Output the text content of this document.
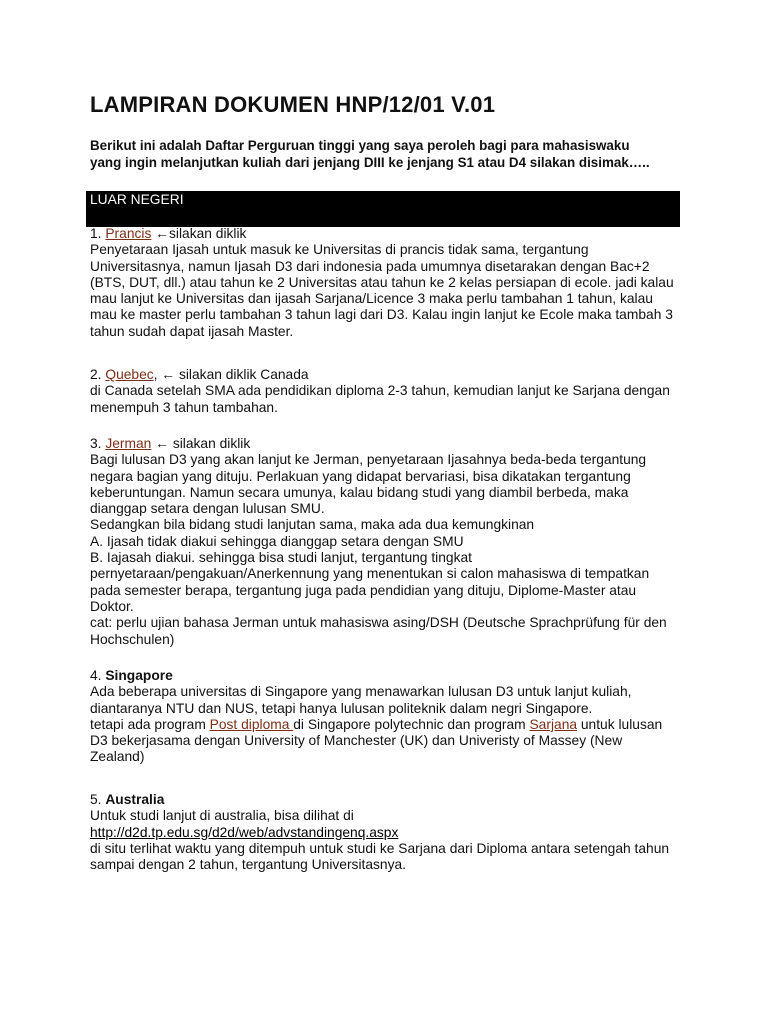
LAMPIRAN DOKUMEN HNP/12/01 V.01
Berikut ini adalah Daftar Perguruan tinggi yang saya peroleh bagi para mahasiswaku
yang ingin melanjutkan kuliah dari jenjang DIII ke jenjang S1 atau D4 silakan disimak…..
LUAR NEGERI
1. Prancis ←silakan diklik
Penyetaraan Ijasah untuk masuk ke Universitas di prancis tidak sama, tergantung
Universitasnya, namun Ijasah D3 dari indonesia pada umumnya disetarakan dengan Bac+2
(BTS, DUT, dll.) atau tahun ke 2 Universitas atau tahun ke 2 kelas persiapan di ecole. jadi kalau
mau lanjut ke Universitas dan ijasah Sarjana/Licence 3 maka perlu tambahan 1 tahun, kalau
mau ke master perlu tambahan 3 tahun lagi dari D3. Kalau ingin lanjut ke Ecole maka tambah 3
tahun sudah dapat ijasah Master.
2. Quebec, ← silakan diklik Canada
di Canada setelah SMA ada pendidikan diploma 2-3 tahun, kemudian lanjut ke Sarjana dengan
menempuh 3 tahun tambahan.
3. Jerman ← silakan diklik
Bagi lulusan D3 yang akan lanjut ke Jerman, penyetaraan Ijasahnya beda-beda tergantung
negara bagian yang dituju. Perlakuan yang didapat bervariasi, bisa dikatakan tergantung
keberuntungan. Namun secara umunya, kalau bidang studi yang diambil berbeda, maka
dianggap setara dengan lulusan SMU.
Sedangkan bila bidang studi lanjutan sama, maka ada dua kemungkinan
A. Ijasah tidak diakui sehingga dianggap setara dengan SMU
B. Iajasah diakui. sehingga bisa studi lanjut, tergantung tingkat
pernyetaraan/pengakuan/Anerkennung yang menentukan si calon mahasiswa di tempatkan
pada semester berapa, tergantung juga pada pendidian yang dituju, Diplome-Master atau
Doktor.
cat: perlu ujian bahasa Jerman untuk mahasiswa asing/DSH (Deutsche Sprachprüfung für den
Hochschulen)
4. Singapore
Ada beberapa universitas di Singapore yang menawarkan lulusan D3 untuk lanjut kuliah,
diantaranya NTU dan NUS, tetapi hanya lulusan politeknik dalam negri Singapore.
tetapi ada program Post diploma di Singapore polytechnic dan program Sarjana untuk lulusan
D3 bekerjasama dengan University of Manchester (UK) dan Univeristy of Massey (New
Zealand)
5. Australia
Untuk studi lanjut di australia, bisa dilihat di
http://d2d.tp.edu.sg/d2d/web/advstandingenq.aspx
di situ terlihat waktu yang ditempuh untuk studi ke Sarjana dari Diploma antara setengah tahun
sampai dengan 2 tahun, tergantung Universitasnya.
